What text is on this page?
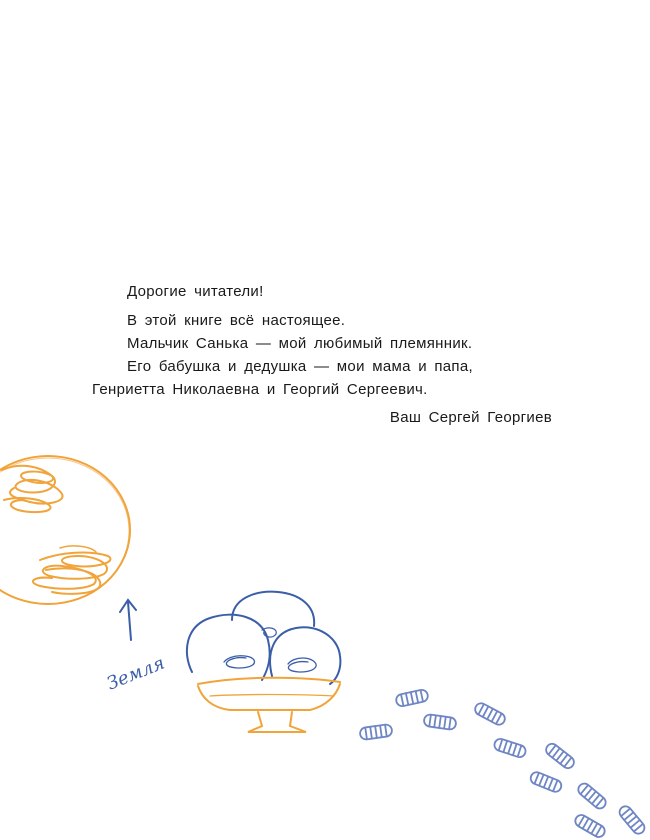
Дорогие читатели!
В этой книге всё настоящее.
Мальчик Санька — мой любимый племянник.
Его бабушка и дедушка — мои мама и папа,
Генриетта Николаевна и Георгий Сергеевич.
Ваш Сергей Георгиев
Земля
